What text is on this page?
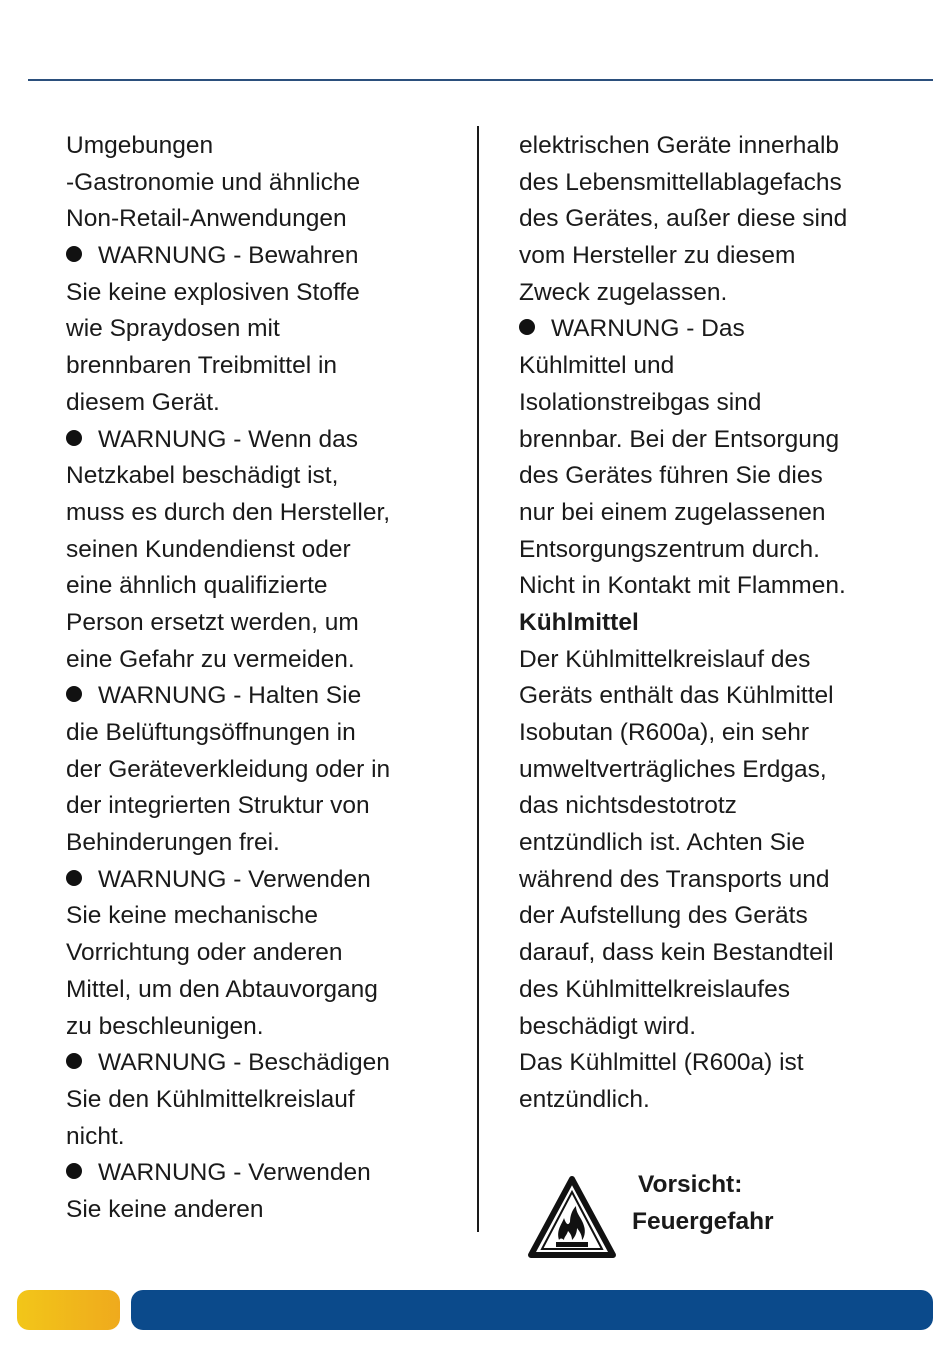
Umgebungen
-Gastronomie und ähnliche
Non-Retail-Anwendungen
WARNUNG - Bewahren
Sie keine explosiven Stoffe
wie Spraydosen mit
brennbaren Treibmittel in
diesem Gerät.
WARNUNG - Wenn das
Netzkabel beschädigt ist,
muss es durch den Hersteller,
seinen Kundendienst oder
eine ähnlich qualifizierte
Person ersetzt werden, um
eine Gefahr zu vermeiden.
WARNUNG - Halten Sie
die Belüftungsöffnungen in
der Geräteverkleidung oder in
der integrierten Struktur von
Behinderungen frei.
WARNUNG - Verwenden
Sie keine mechanische
Vorrichtung oder anderen
Mittel, um den Abtauvorgang
zu beschleunigen.
WARNUNG - Beschädigen
Sie den Kühlmittelkreislauf
nicht.
WARNUNG - Verwenden
Sie keine anderen
elektrischen Geräte innerhalb
des Lebensmittellablagefachs
des Gerätes, außer diese sind
vom Hersteller zu diesem
Zweck zugelassen.
WARNUNG - Das
Kühlmittel und
Isolationstreibgas sind
brennbar. Bei der Entsorgung
des Gerätes führen Sie dies
nur bei einem zugelassenen
Entsorgungszentrum durch.
Nicht in Kontakt mit Flammen.
Kühlmittel
Der Kühlmittelkreislauf des
Geräts enthält das Kühlmittel
Isobutan (R600a), ein sehr
umweltverträgliches Erdgas,
das nichtsdestotrotz
entzündlich ist. Achten Sie
während des Transports und
der Aufstellung des Geräts
darauf, dass kein Bestandteil
des Kühlmittelkreislaufes
beschädigt wird.
Das Kühlmittel (R600a) ist
entzündlich.
Vorsicht:
Feuergefahr
